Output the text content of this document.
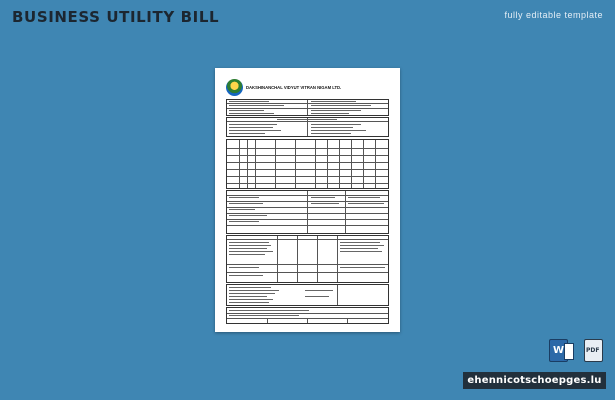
BUSINESS UTILITY BILL	fully editable template
DAKSHINANCHAL VIDYUT VITRAN NIGAM LTD.
W	PDF
ehennicotschoepges.lu
